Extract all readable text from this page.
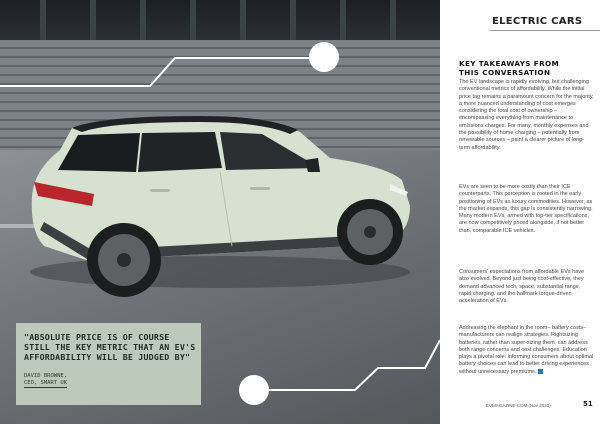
ELECTRIC CARS
KEY TAKEAWAYS FROM
THIS CONVERSATION
The EV landscape is rapidly evolving, but challenging conventional metrics of affordability. While the initial price tag remains a paramount concern for the majority, a more nuanced understanding of cost emerges considering the total cost of ownership – encompassing everything from maintenance to emissions charges. For many, monthly expenses and the possibility of home charging – potentially from renewable sources – paint a clearer picture of long-term affordability.
EVs are seen to be more costly than their ICE counterparts. This perception is rooted in the early positioning of EVs as luxury commodities. However, as the market expands, this gap is consistently narrowing. Many modern EVs, armed with top-tier specifications, are now competitively priced alongside, if not better than, comparable ICE vehicles.
Consumers' expectations from affordable EVs have also evolved. Beyond just being cost-effective, they demand advanced tech, space, substantial range, rapid charging, and the hallmark torque-driven acceleration of EVs.
Addressing the elephant in the room– battery costs–manufacturers can realign strategies. Rightsizing batteries, rather than super-sizing them, can address both range concerns and cost challenges. Education plays a pivotal role: informing consumers about optimal battery choices can lead to better driving experiences without unnecessary premiums.
EVMAGAZINE.COM (Nov 2023)	51
"ABSOLUTE PRICE IS OF COURSE STILL THE KEY METRIC THAT AN EV'S AFFORDABILITY WILL BE JUDGED BY"
DAVID BROWNE,
CEO, SMART UK
